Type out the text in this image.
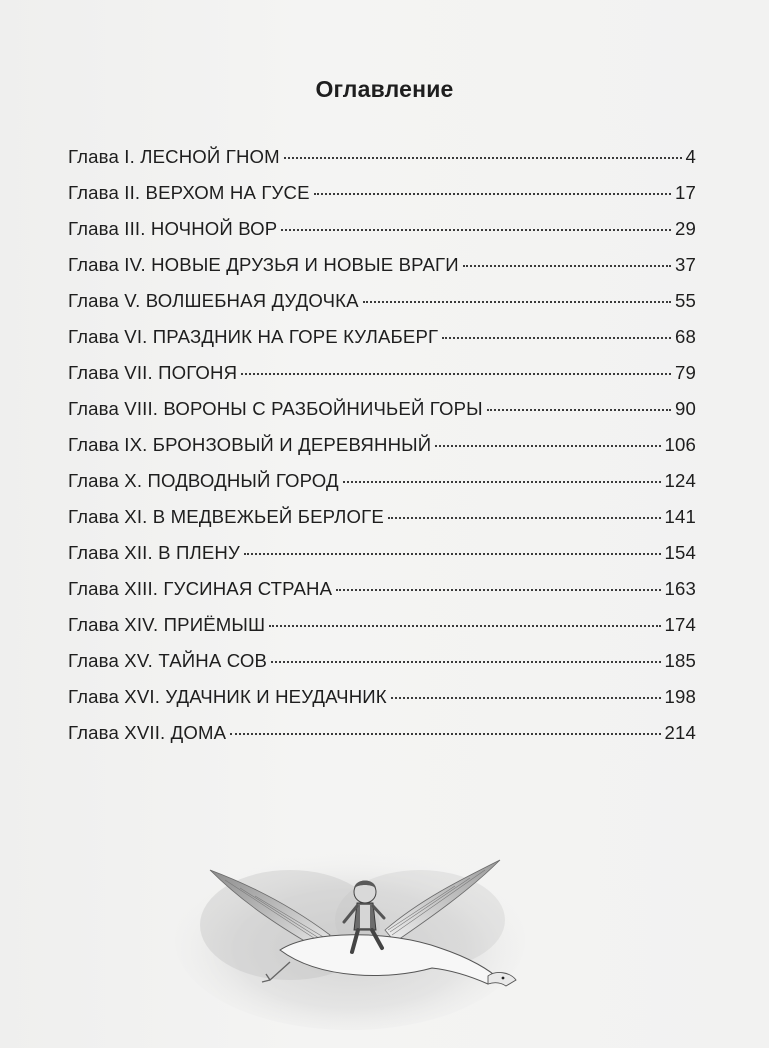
Оглавление
Глава I. ЛЕСНОЙ ГНОМ	4
Глава II. ВЕРХОМ НА ГУСЕ	17
Глава III. НОЧНОЙ ВОР	29
Глава IV. НОВЫЕ ДРУЗЬЯ И НОВЫЕ ВРАГИ	37
Глава V. ВОЛШЕБНАЯ ДУДОЧКА	55
Глава VI. ПРАЗДНИК НА ГОРЕ КУЛАБЕРГ	68
Глава VII. ПОГОНЯ	79
Глава VIII. ВОРОНЫ С РАЗБОЙНИЧЬЕЙ ГОРЫ	90
Глава IX. БРОНЗОВЫЙ И ДЕРЕВЯННЫЙ	106
Глава X. ПОДВОДНЫЙ ГОРОД	124
Глава XI. В МЕДВЕЖЬЕЙ БЕРЛОГЕ	141
Глава XII. В ПЛЕНУ	154
Глава XIII. ГУСИНАЯ СТРАНА	163
Глава XIV. ПРИЁМЫШ	174
Глава XV. ТАЙНА СОВ	185
Глава XVI. УДАЧНИК И НЕУДАЧНИК	198
Глава XVII. ДОМА	214
